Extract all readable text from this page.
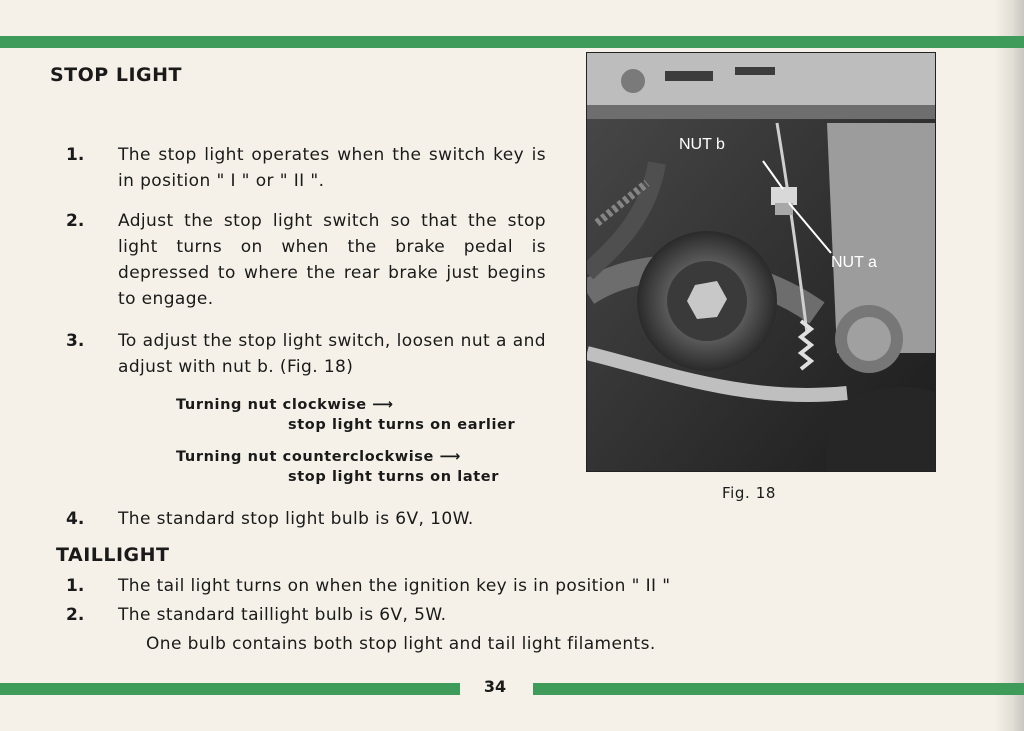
STOP LIGHT
1. The stop light operates when the switch key is in position " I " or " II ".
2. Adjust the stop light switch so that the stop light turns on when the brake pedal is depressed to where the rear brake just begins to engage.
3. To adjust the stop light switch, loosen nut a and adjust with nut b. (Fig. 18)
Turning nut clockwise ⟶
stop light turns on earlier
Turning nut counterclockwise ⟶
stop light turns on later
4. The standard stop light bulb is 6V, 10W.
TAILLIGHT
1. The tail light turns on when the ignition key is in position " II "
2. The standard taillight bulb is 6V, 5W.
One bulb contains both stop light and tail light filaments.
NUT b
NUT a
Fig. 18
34
